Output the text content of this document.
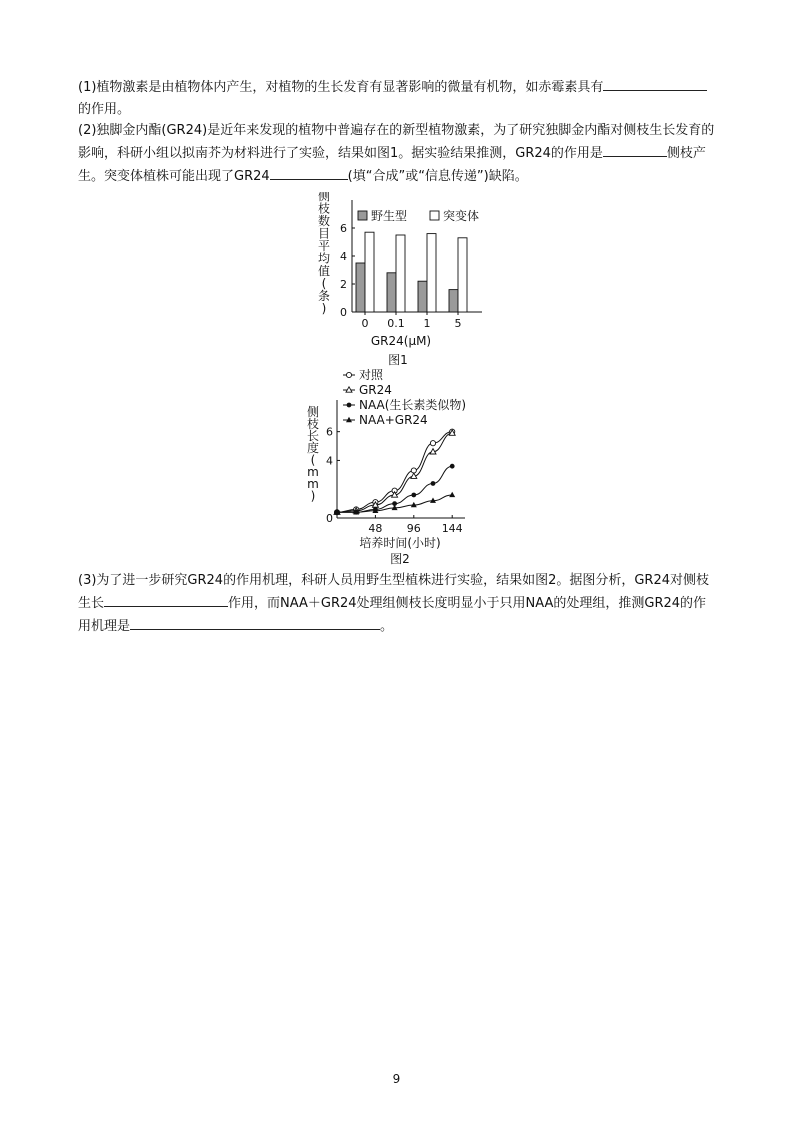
(1)植物激素是由植物体内产生，对植物的生长发育有显著影响的微量有机物，如赤霉素具有的作用。

(2)独脚金内酯(GR24)是近年来发现的植物中普遍存在的新型植物激素，为了研究独脚金内酯对侧枝生长发育的影响，科研小组以拟南芥为材料进行了实验，结果如图1。据实验结果推测，GR24的作用是	侧枝产生。突变体植株可能出现了GR24	(填“合成”或“信息传递”)缺陷。

0
2
4
6
0 0.1 1 5
野生型	突变体
侧枝数目平均值(条)
GR24(μM)
图1
48 96 144
0
4
6
对照
GR24
NAA(生长素类似物)
NAA+GR24
侧枝长度( m m )
培养时间(小时)
图2

(3)为了进一步研究GR24的作用机理，科研人员用野生型植株进行实验，结果如图2。据图分析，GR24对侧枝生长	作用，而NAA＋GR24处理组侧枝长度明显小于只用NAA的处理组，推测GR24的作用机理是	。

9
